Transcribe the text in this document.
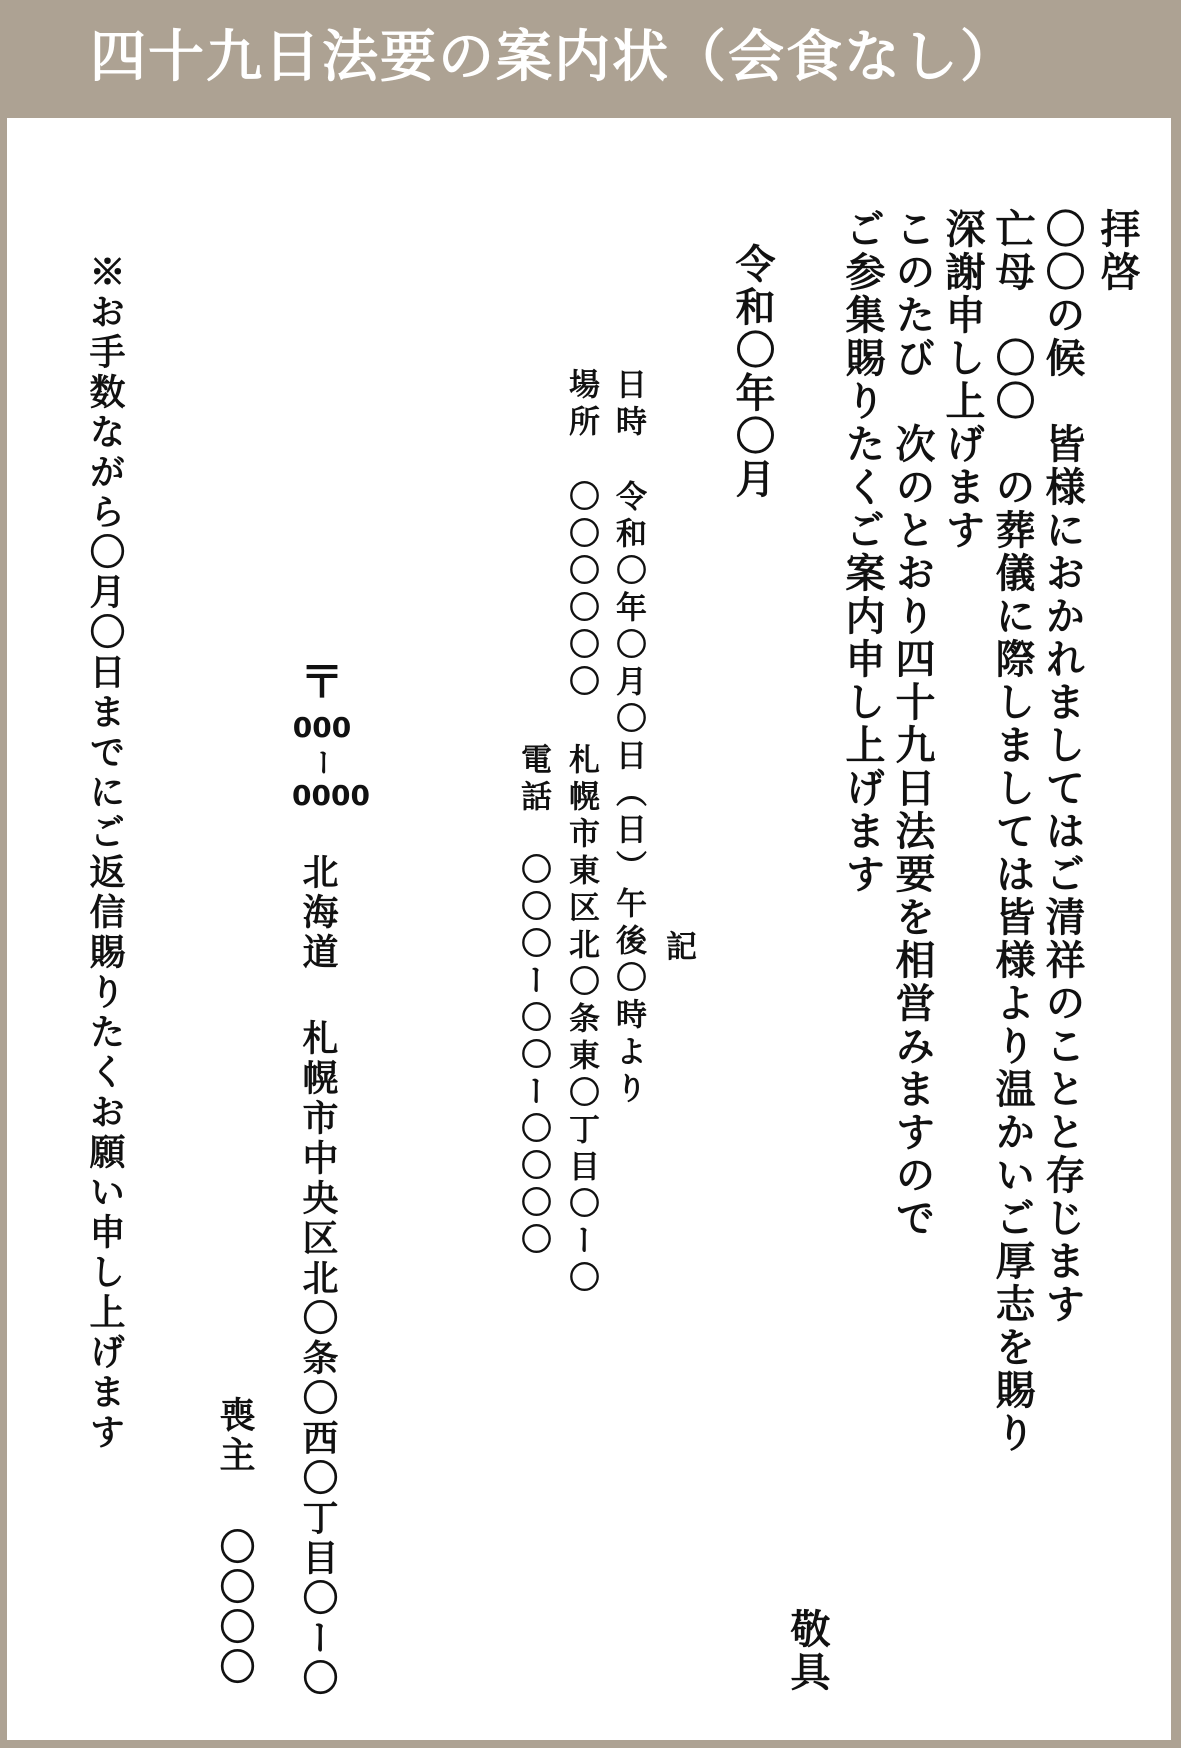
四十九日法要の案内状（会食なし）
拝啓
〇〇の候　皆様におかれましてはご清祥のことと存じます
亡母　〇〇　の葬儀に際しましては皆様より温かいご厚志を賜り
深謝申し上げます
このたび　次のとおり四十九日法要を相営みますので
ご参集賜りたくご案内申し上げます
令和〇年〇月
敬具
記
日時
令和〇年〇月〇日（日）午後〇時より
場所
〇〇〇〇〇〇
札幌市東区北〇条東〇丁目〇ー〇
電話
〇〇〇ー〇〇ー〇〇〇〇
〒
000
ー
0000
北海道 札幌市中央区北〇条〇西〇丁目〇ー〇
喪主
〇〇〇〇
※お手数ながら〇月〇日までにご返信賜りたくお願い申し上げます
